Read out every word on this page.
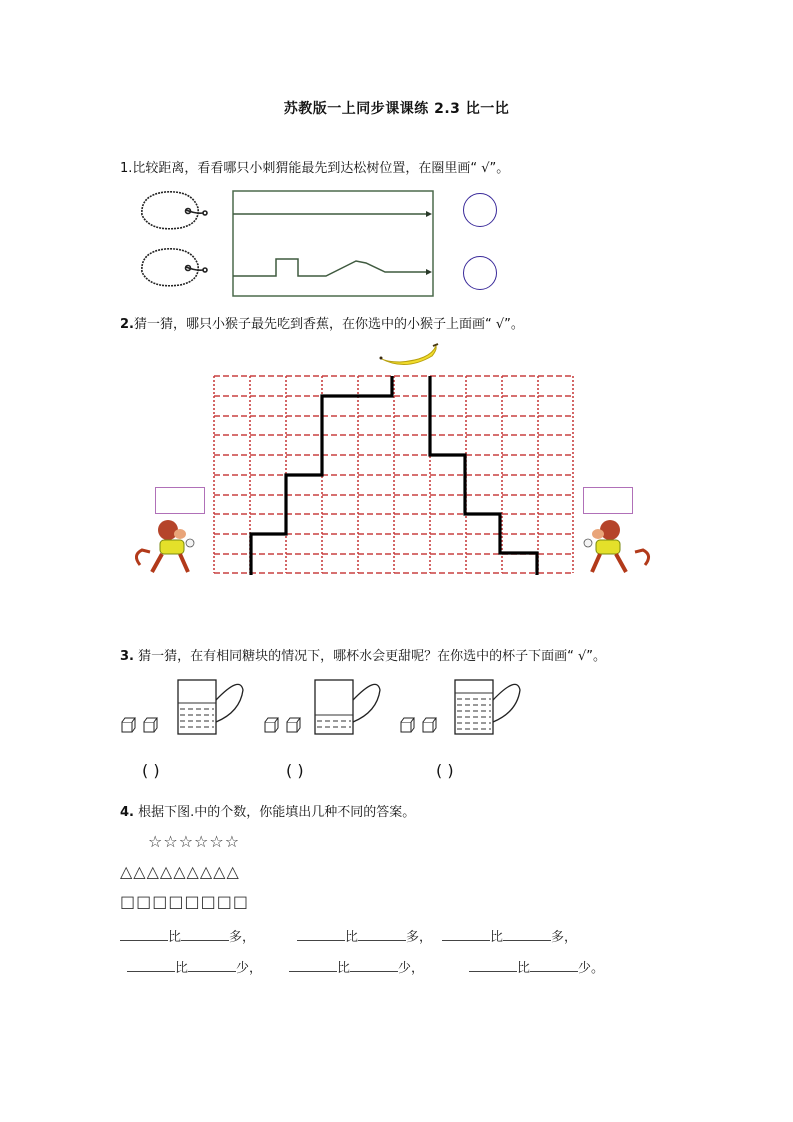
苏教版一上同步课课练 2.3 比一比
1.比较距离，看看哪只小刺猬能最先到达松树位置，在圈里画“ √”。
2.猜一猜，哪只小猴子最先吃到香蕉，在你选中的小猴子上面画“ √”。
3. 猜一猜，在有相同糖块的情况下，哪杯水会更甜呢？在你选中的杯子下面画“ √”。
( )	( )	( )
4. 根据下图.中的个数，你能填出几种不同的答案。
☆☆☆☆☆☆
△△△△△△△△△
□□□□□□□□
比	多，	比	多，	比	多，
比	少，	比	少，	比	少。
